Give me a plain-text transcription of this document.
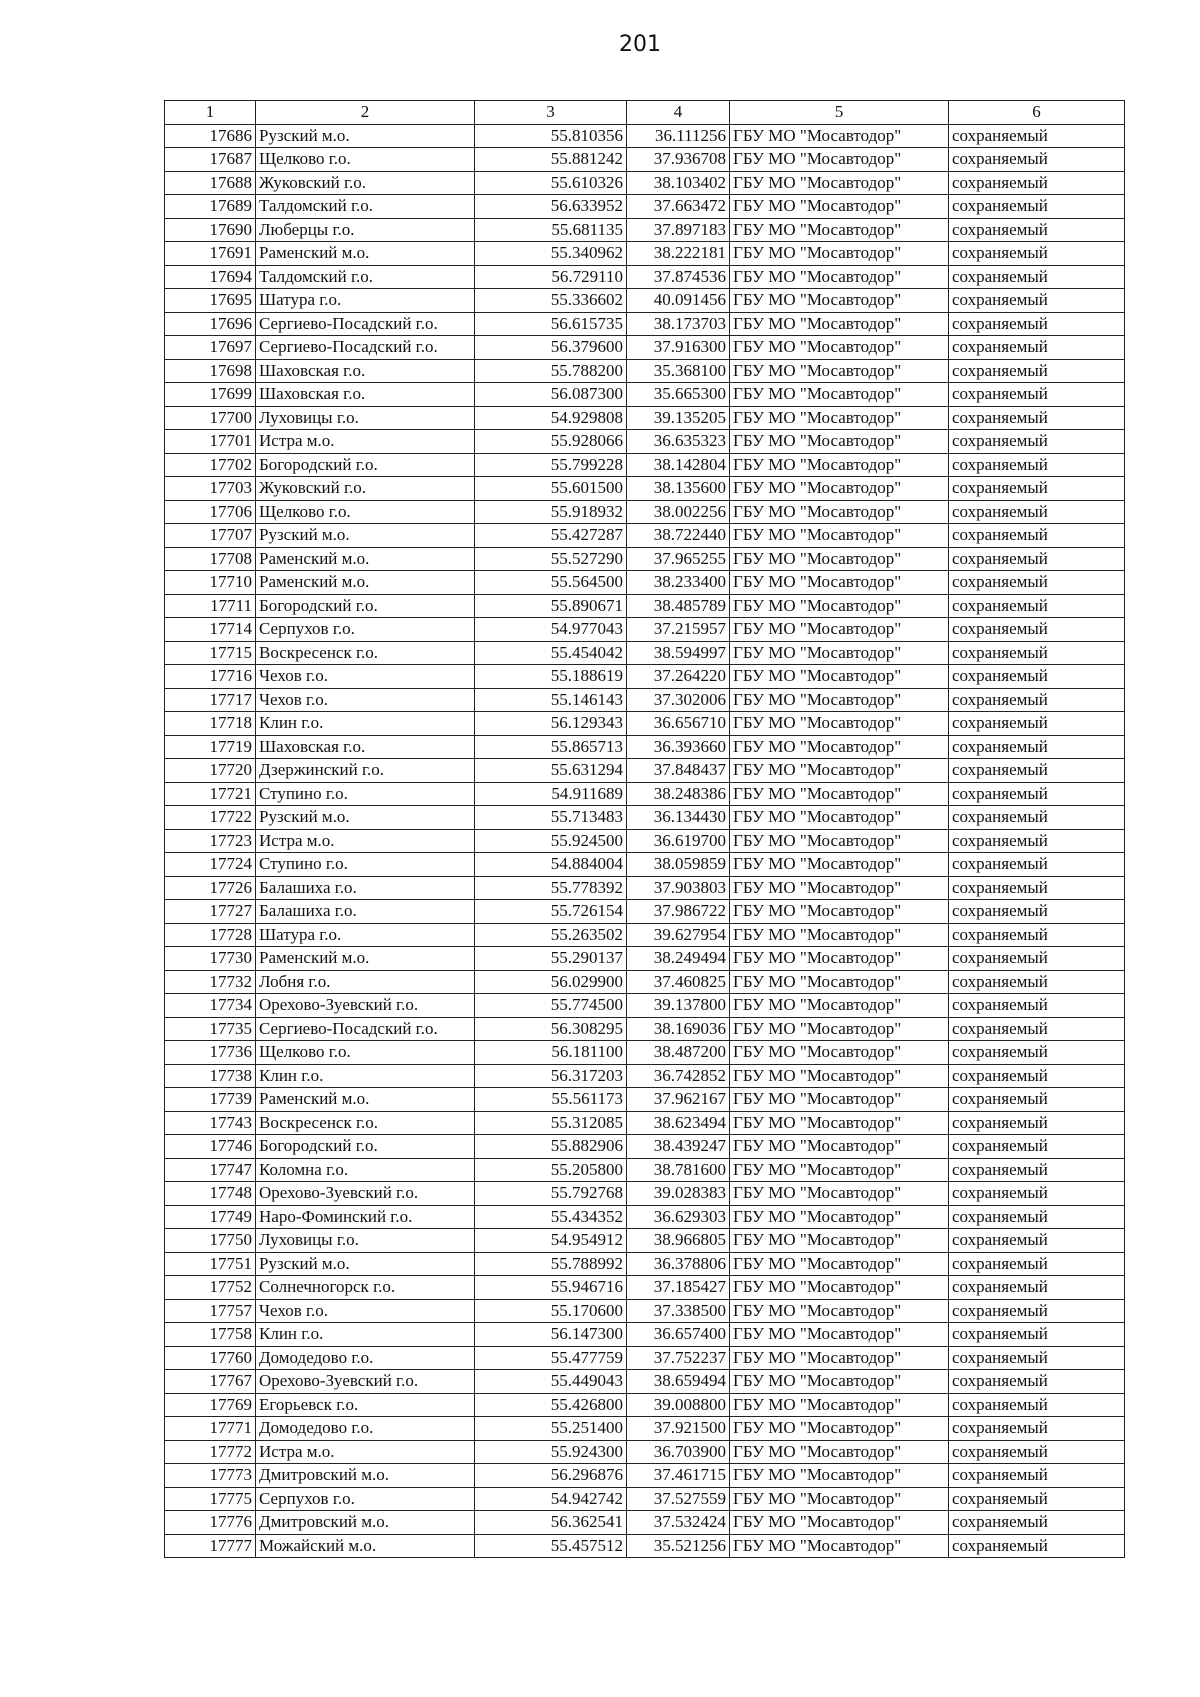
201
1	2	3	4	5	6
17686	Рузский м.о.	55.810356	36.111256	ГБУ МО "Мосавтодор"	сохраняемый
17687	Щелково г.о.	55.881242	37.936708	ГБУ МО "Мосавтодор"	сохраняемый
17688	Жуковский г.о.	55.610326	38.103402	ГБУ МО "Мосавтодор"	сохраняемый
17689	Талдомский г.о.	56.633952	37.663472	ГБУ МО "Мосавтодор"	сохраняемый
17690	Люберцы г.о.	55.681135	37.897183	ГБУ МО "Мосавтодор"	сохраняемый
17691	Раменский м.о.	55.340962	38.222181	ГБУ МО "Мосавтодор"	сохраняемый
17694	Талдомский г.о.	56.729110	37.874536	ГБУ МО "Мосавтодор"	сохраняемый
17695	Шатура г.о.	55.336602	40.091456	ГБУ МО "Мосавтодор"	сохраняемый
17696	Сергиево-Посадский г.о.	56.615735	38.173703	ГБУ МО "Мосавтодор"	сохраняемый
17697	Сергиево-Посадский г.о.	56.379600	37.916300	ГБУ МО "Мосавтодор"	сохраняемый
17698	Шаховская г.о.	55.788200	35.368100	ГБУ МО "Мосавтодор"	сохраняемый
17699	Шаховская г.о.	56.087300	35.665300	ГБУ МО "Мосавтодор"	сохраняемый
17700	Луховицы г.о.	54.929808	39.135205	ГБУ МО "Мосавтодор"	сохраняемый
17701	Истра м.о.	55.928066	36.635323	ГБУ МО "Мосавтодор"	сохраняемый
17702	Богородский г.о.	55.799228	38.142804	ГБУ МО "Мосавтодор"	сохраняемый
17703	Жуковский г.о.	55.601500	38.135600	ГБУ МО "Мосавтодор"	сохраняемый
17706	Щелково г.о.	55.918932	38.002256	ГБУ МО "Мосавтодор"	сохраняемый
17707	Рузский м.о.	55.427287	38.722440	ГБУ МО "Мосавтодор"	сохраняемый
17708	Раменский м.о.	55.527290	37.965255	ГБУ МО "Мосавтодор"	сохраняемый
17710	Раменский м.о.	55.564500	38.233400	ГБУ МО "Мосавтодор"	сохраняемый
17711	Богородский г.о.	55.890671	38.485789	ГБУ МО "Мосавтодор"	сохраняемый
17714	Серпухов г.о.	54.977043	37.215957	ГБУ МО "Мосавтодор"	сохраняемый
17715	Воскресенск г.о.	55.454042	38.594997	ГБУ МО "Мосавтодор"	сохраняемый
17716	Чехов г.о.	55.188619	37.264220	ГБУ МО "Мосавтодор"	сохраняемый
17717	Чехов г.о.	55.146143	37.302006	ГБУ МО "Мосавтодор"	сохраняемый
17718	Клин г.о.	56.129343	36.656710	ГБУ МО "Мосавтодор"	сохраняемый
17719	Шаховская г.о.	55.865713	36.393660	ГБУ МО "Мосавтодор"	сохраняемый
17720	Дзержинский г.о.	55.631294	37.848437	ГБУ МО "Мосавтодор"	сохраняемый
17721	Ступино г.о.	54.911689	38.248386	ГБУ МО "Мосавтодор"	сохраняемый
17722	Рузский м.о.	55.713483	36.134430	ГБУ МО "Мосавтодор"	сохраняемый
17723	Истра м.о.	55.924500	36.619700	ГБУ МО "Мосавтодор"	сохраняемый
17724	Ступино г.о.	54.884004	38.059859	ГБУ МО "Мосавтодор"	сохраняемый
17726	Балашиха г.о.	55.778392	37.903803	ГБУ МО "Мосавтодор"	сохраняемый
17727	Балашиха г.о.	55.726154	37.986722	ГБУ МО "Мосавтодор"	сохраняемый
17728	Шатура г.о.	55.263502	39.627954	ГБУ МО "Мосавтодор"	сохраняемый
17730	Раменский м.о.	55.290137	38.249494	ГБУ МО "Мосавтодор"	сохраняемый
17732	Лобня г.о.	56.029900	37.460825	ГБУ МО "Мосавтодор"	сохраняемый
17734	Орехово-Зуевский г.о.	55.774500	39.137800	ГБУ МО "Мосавтодор"	сохраняемый
17735	Сергиево-Посадский г.о.	56.308295	38.169036	ГБУ МО "Мосавтодор"	сохраняемый
17736	Щелково г.о.	56.181100	38.487200	ГБУ МО "Мосавтодор"	сохраняемый
17738	Клин г.о.	56.317203	36.742852	ГБУ МО "Мосавтодор"	сохраняемый
17739	Раменский м.о.	55.561173	37.962167	ГБУ МО "Мосавтодор"	сохраняемый
17743	Воскресенск г.о.	55.312085	38.623494	ГБУ МО "Мосавтодор"	сохраняемый
17746	Богородский г.о.	55.882906	38.439247	ГБУ МО "Мосавтодор"	сохраняемый
17747	Коломна г.о.	55.205800	38.781600	ГБУ МО "Мосавтодор"	сохраняемый
17748	Орехово-Зуевский г.о.	55.792768	39.028383	ГБУ МО "Мосавтодор"	сохраняемый
17749	Наро-Фоминский г.о.	55.434352	36.629303	ГБУ МО "Мосавтодор"	сохраняемый
17750	Луховицы г.о.	54.954912	38.966805	ГБУ МО "Мосавтодор"	сохраняемый
17751	Рузский м.о.	55.788992	36.378806	ГБУ МО "Мосавтодор"	сохраняемый
17752	Солнечногорск г.о.	55.946716	37.185427	ГБУ МО "Мосавтодор"	сохраняемый
17757	Чехов г.о.	55.170600	37.338500	ГБУ МО "Мосавтодор"	сохраняемый
17758	Клин г.о.	56.147300	36.657400	ГБУ МО "Мосавтодор"	сохраняемый
17760	Домодедово г.о.	55.477759	37.752237	ГБУ МО "Мосавтодор"	сохраняемый
17767	Орехово-Зуевский г.о.	55.449043	38.659494	ГБУ МО "Мосавтодор"	сохраняемый
17769	Егорьевск г.о.	55.426800	39.008800	ГБУ МО "Мосавтодор"	сохраняемый
17771	Домодедово г.о.	55.251400	37.921500	ГБУ МО "Мосавтодор"	сохраняемый
17772	Истра м.о.	55.924300	36.703900	ГБУ МО "Мосавтодор"	сохраняемый
17773	Дмитровский м.о.	56.296876	37.461715	ГБУ МО "Мосавтодор"	сохраняемый
17775	Серпухов г.о.	54.942742	37.527559	ГБУ МО "Мосавтодор"	сохраняемый
17776	Дмитровский м.о.	56.362541	37.532424	ГБУ МО "Мосавтодор"	сохраняемый
17777	Можайский м.о.	55.457512	35.521256	ГБУ МО "Мосавтодор"	сохраняемый
